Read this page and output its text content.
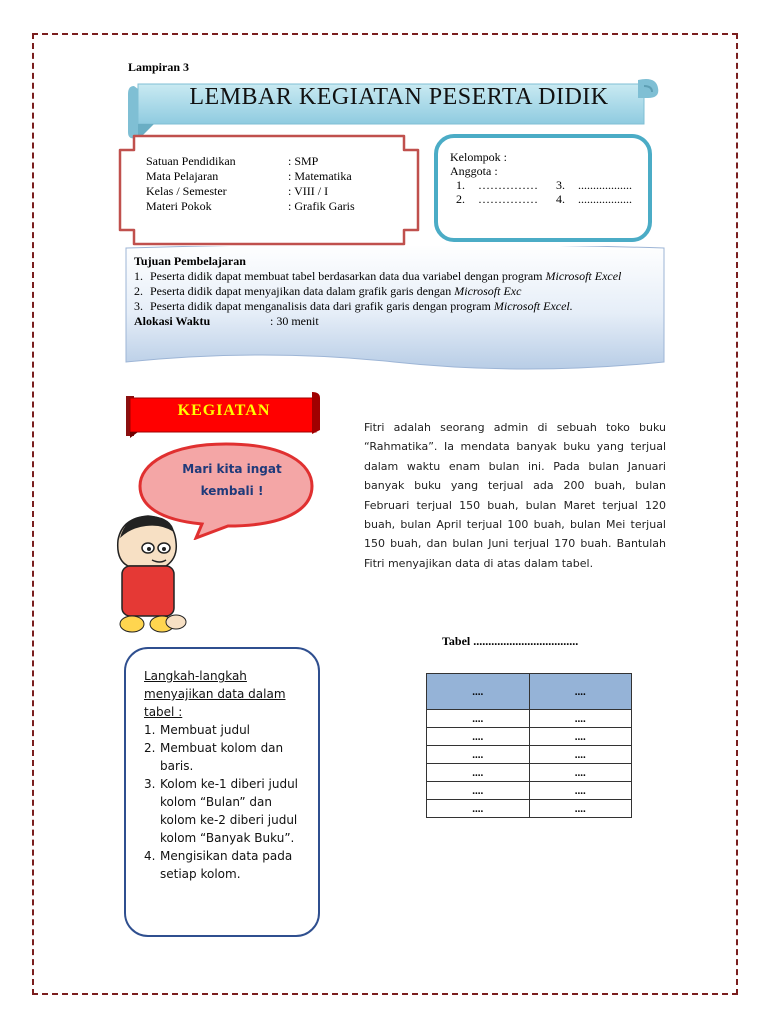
Lampiran 3
LEMBAR KEGIATAN PESERTA DIDIK
Satuan Pendidikan	: SMP
Mata Pelajaran	: Matematika
Kelas / Semester	: VIII / I
Materi Pokok	: Grafik Garis
Kelompok :
Anggota :
1.	……………	3.	..................
2.	……………	4.	..................
Tujuan Pembelajaran
1. Peserta didik dapat membuat tabel berdasarkan data dua variabel dengan program Microsoft Excel
2. Peserta didik dapat menyajikan data dalam grafik garis dengan Microsoft Exc
3. Peserta didik dapat menganalisis data dari grafik garis dengan program Microsoft Excel.
Alokasi Waktu	: 30 menit
KEGIATAN
Mari kita ingat
kembali !
Fitri adalah seorang admin di sebuah toko buku “Rahmatika”. Ia mendata banyak buku yang terjual dalam waktu enam bulan ini. Pada bulan Januari banyak buku yang terjual ada 200 buah, bulan Februari terjual 150 buah, bulan Maret terjual 120 buah, bulan April terjual 100 buah, bulan Mei terjual 150 buah, dan bulan Juni terjual 170 buah. Bantulah Fitri menyajikan data di atas dalam tabel.
Tabel ...................................
....	....
....	....
....	....
....	....
....	....
....	....
....	....
Langkah-langkah menyajikan data dalam tabel :
1. Membuat judul
2. Membuat kolom dan baris.
3. Kolom ke-1 diberi judul kolom “Bulan” dan kolom ke-2 diberi judul kolom “Banyak Buku”.
4. Mengisikan data pada setiap kolom.
